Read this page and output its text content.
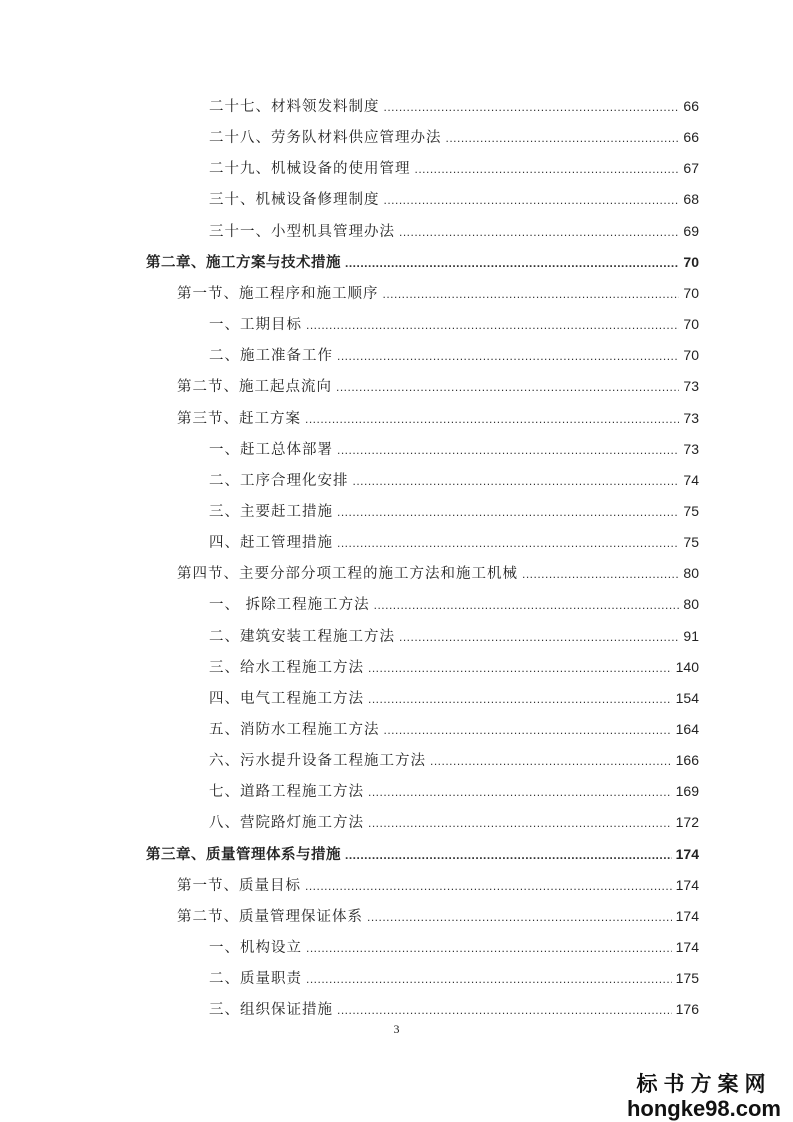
二十七、材料领发料制度 .....	66
二十八、劳务队材料供应管理办法 .....	66
二十九、机械设备的使用管理 .....	67
三十、机械设备修理制度 .....	68
三十一、小型机具管理办法 .....	69
第二章、施工方案与技术措施 .....	70
第一节、施工程序和施工顺序 .....	70
一、工期目标 .....	70
二、施工准备工作 .....	70
第二节、施工起点流向 .....	73
第三节、赶工方案 .....	73
一、赶工总体部署 .....	73
二、工序合理化安排 .....	74
三、主要赶工措施 .....	75
四、赶工管理措施 .....	75
第四节、主要分部分项工程的施工方法和施工机械 .....	80
一、 拆除工程施工方法 .....	80
二、建筑安装工程施工方法 .....	91
三、给水工程施工方法 .....	140
四、电气工程施工方法 .....	154
五、消防水工程施工方法 .....	164
六、污水提升设备工程施工方法 .....	166
七、道路工程施工方法 .....	169
八、营院路灯施工方法 .....	172
第三章、质量管理体系与措施 .....	174
第一节、质量目标 .....	174
第二节、质量管理保证体系 .....	174
一、机构设立 .....	174
二、质量职责 .....	175
三、组织保证措施 .....	176
3
标书方案网
hongke98.com
